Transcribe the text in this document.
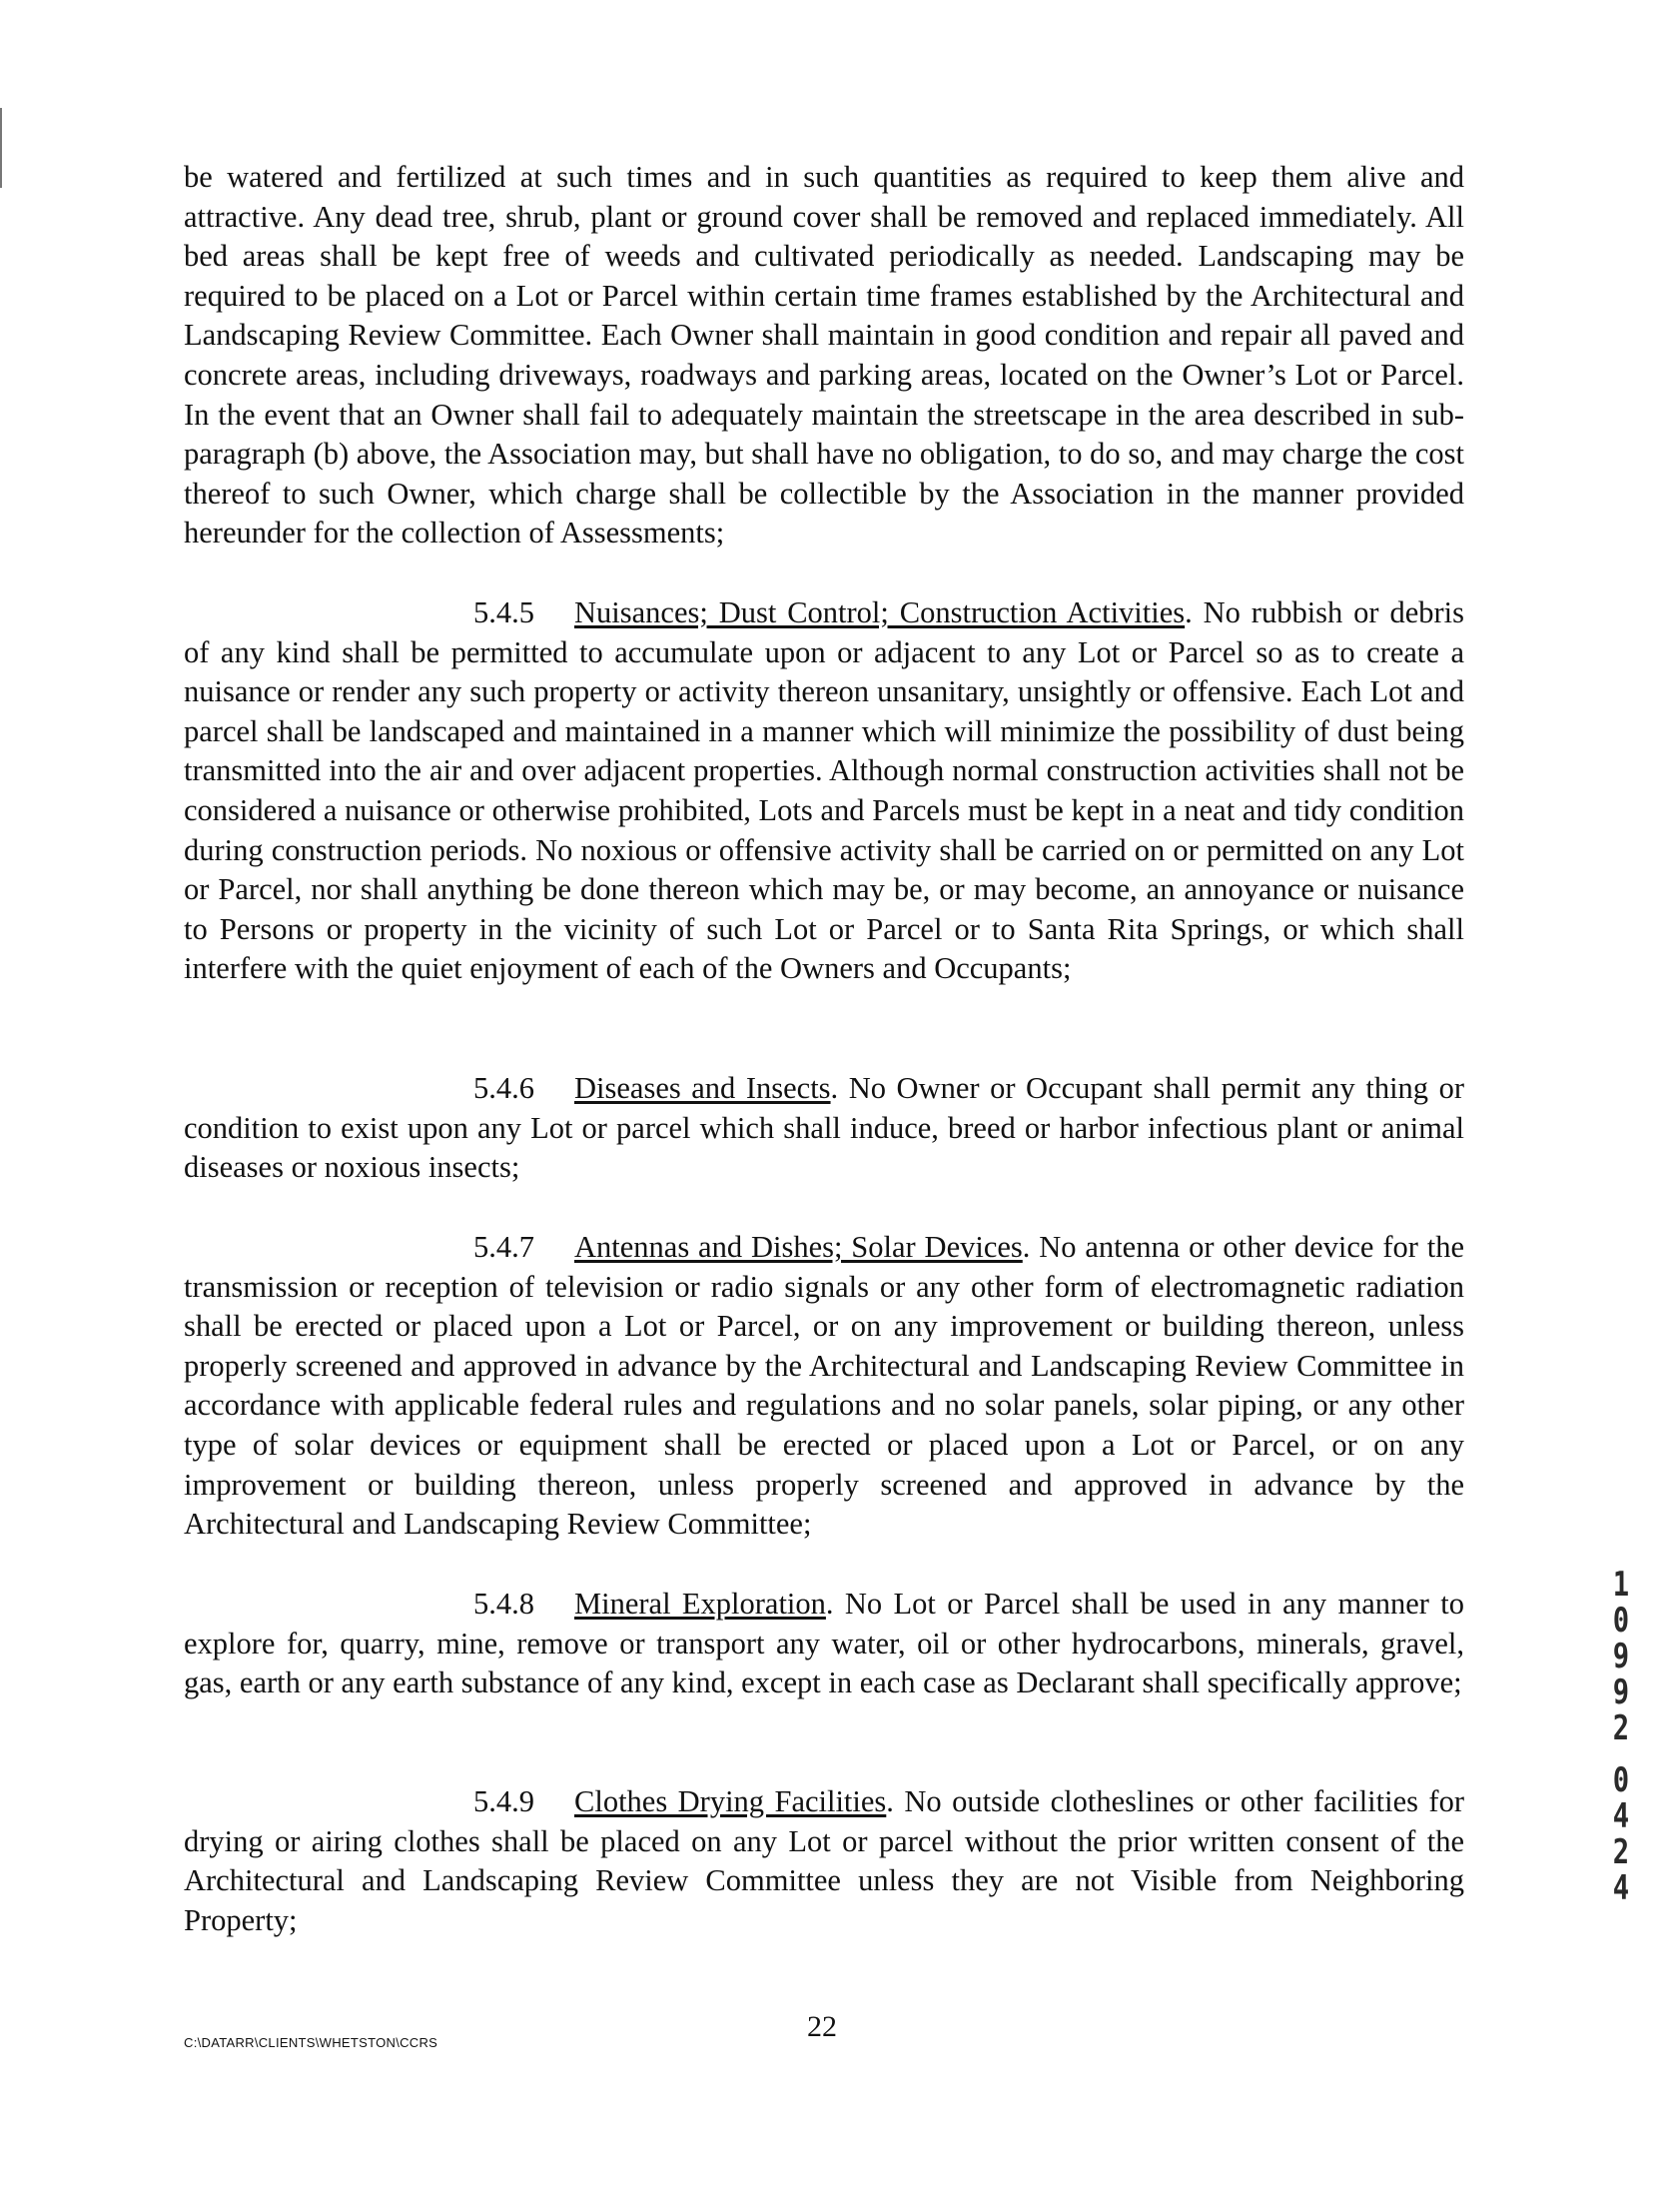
be watered and fertilized at such times and in such quantities as required to keep them alive and attractive. Any dead tree, shrub, plant or ground cover shall be removed and replaced immediately. All bed areas shall be kept free of weeds and cultivated periodically as needed. Landscaping may be required to be placed on a Lot or Parcel within certain time frames established by the Architectural and Landscaping Review Committee. Each Owner shall maintain in good condition and repair all paved and concrete areas, including driveways, roadways and parking areas, located on the Owner’s Lot or Parcel. In the event that an Owner shall fail to adequately maintain the streetscape in the area described in sub-paragraph (b) above, the Association may, but shall have no obligation, to do so, and may charge the cost thereof to such Owner, which charge shall be collectible by the Association in the manner provided hereunder for the collection of Assessments;

5.4.5 Nuisances; Dust Control; Construction Activities. No rubbish or debris of any kind shall be permitted to accumulate upon or adjacent to any Lot or Parcel so as to create a nuisance or render any such property or activity thereon unsanitary, unsightly or offensive. Each Lot and parcel shall be landscaped and maintained in a manner which will minimize the possibility of dust being transmitted into the air and over adjacent properties. Although normal construction activities shall not be considered a nuisance or otherwise prohibited, Lots and Parcels must be kept in a neat and tidy condition during construction periods. No noxious or offensive activity shall be carried on or permitted on any Lot or Parcel, nor shall anything be done thereon which may be, or may become, an annoyance or nuisance to Persons or property in the vicinity of such Lot or Parcel or to Santa Rita Springs, or which shall interfere with the quiet enjoyment of each of the Owners and Occupants;

5.4.6 Diseases and Insects. No Owner or Occupant shall permit any thing or condition to exist upon any Lot or parcel which shall induce, breed or harbor infectious plant or animal diseases or noxious insects;

5.4.7 Antennas and Dishes; Solar Devices. No antenna or other device for the transmission or reception of television or radio signals or any other form of electromagnetic radiation shall be erected or placed upon a Lot or Parcel, or on any improvement or building thereon, unless properly screened and approved in advance by the Architectural and Landscaping Review Committee in accordance with applicable federal rules and regulations and no solar panels, solar piping, or any other type of solar devices or equipment shall be erected or placed upon a Lot or Parcel, or on any improvement or building thereon, unless properly screened and approved in advance by the Architectural and Landscaping Review Committee;

5.4.8 Mineral Exploration. No Lot or Parcel shall be used in any manner to explore for, quarry, mine, remove or transport any water, oil or other hydrocarbons, minerals, gravel, gas, earth or any earth substance of any kind, except in each case as Declarant shall specifically approve;

5.4.9 Clothes Drying Facilities. No outside clotheslines or other facilities for drying or airing clothes shall be placed on any Lot or parcel without the prior written consent of the Architectural and Landscaping Review Committee unless they are not Visible from Neighboring Property;

10992
0424
C:\DATARR\CLIENTS\WHETSTON\CCRS	22
